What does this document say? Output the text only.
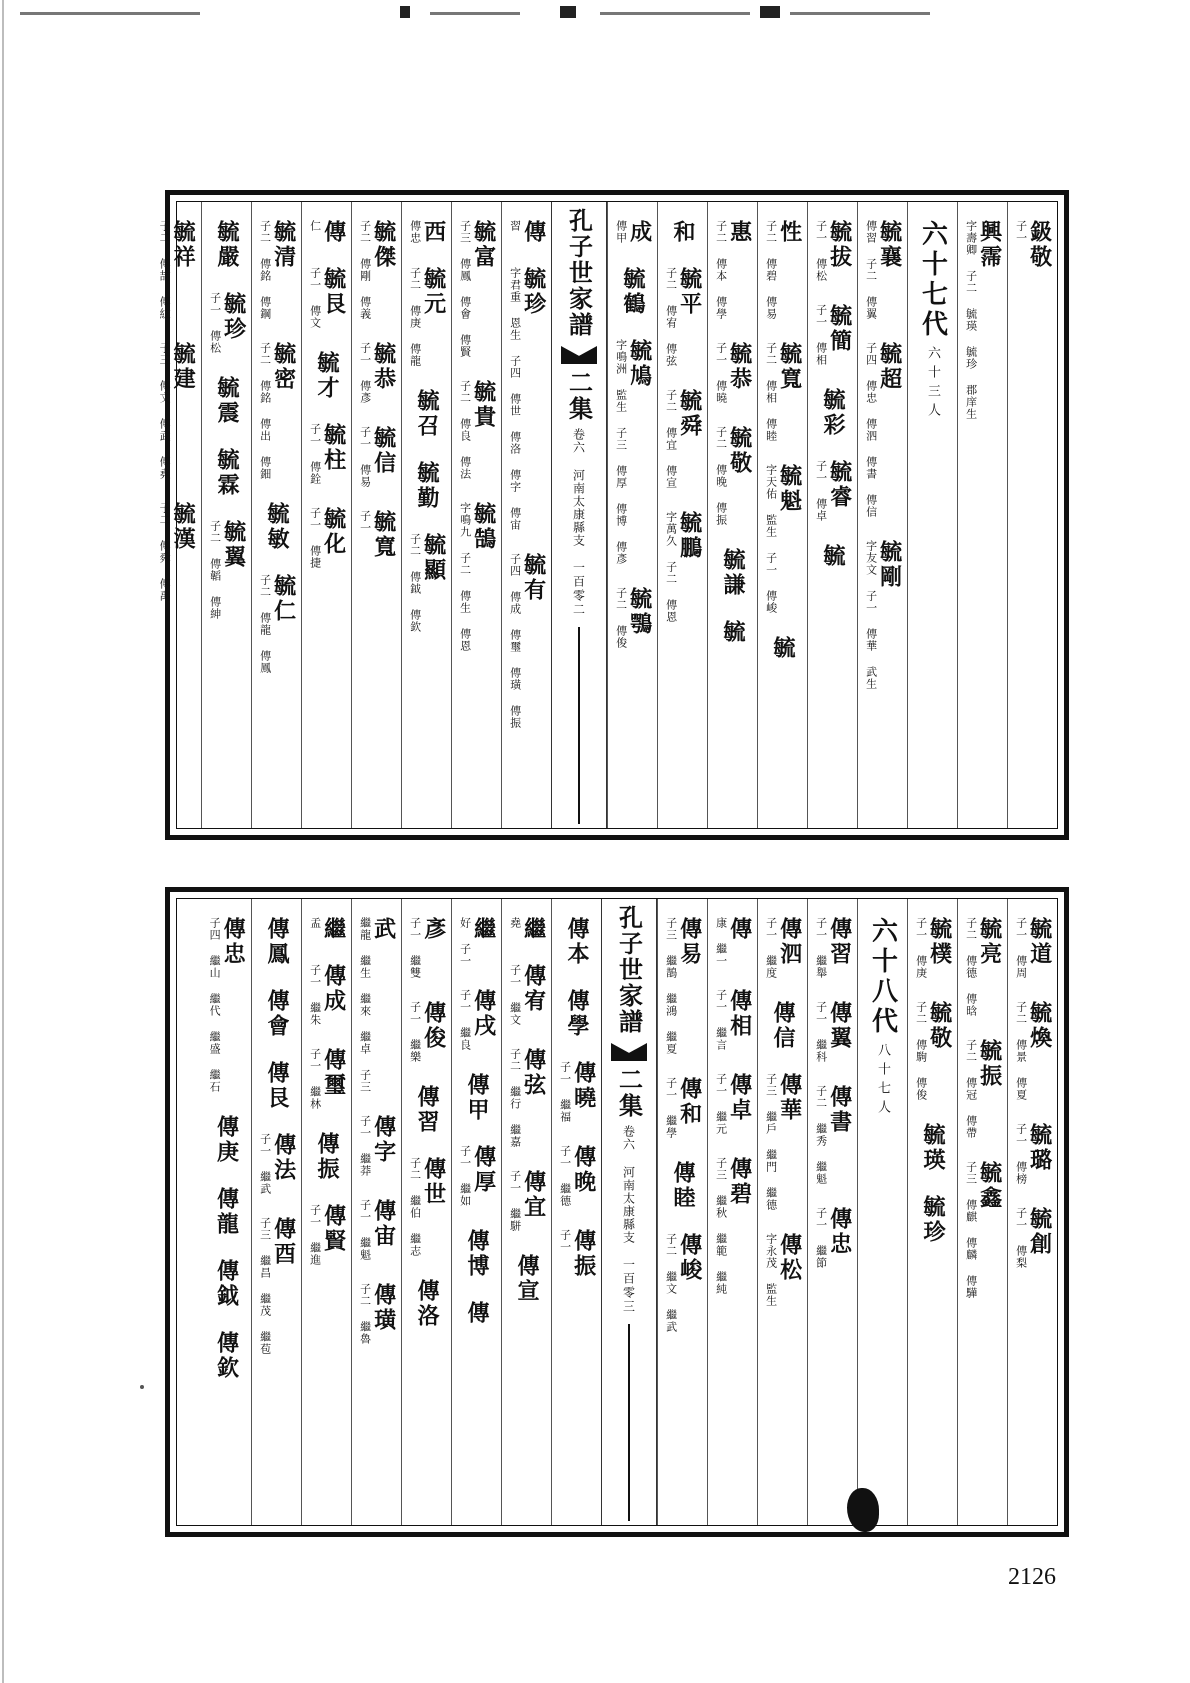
鈒敬
子一
興霈
字壽卿 子二 毓瑛 毓珍 郡庠生
六十七代
六十三人
毓襄
傳習 子二 傳翼
毓超
子四 傳忠 傳泗 傳書 傳信
毓剛
字友文 子一 傳華 武生
毓拔
子一 傳松
毓簡
子一 傳相
毓彩
毓睿
子一 傳卓
毓
性
子二 傳碧 傳易
毓寬
子二 傳相 傳睦
毓魁
字天佑 監生 子一 傳峻
毓
惠
子二 傳本 傳學
毓恭
子一 傳曉
毓敬
子二 傳晚 傳振
毓謙
毓
和
毓平
子二 傳宥 傳弦
毓舜
子二 傳宜 傳宣
毓鵬
字萬久 子二 傳恩
成
傳甲
毓鶴
毓鳩
字鳴洲 監生 子三 傳厚 傳博 傳彥
毓鶚
子二 傳俊
孔子世家譜
二集
卷六 河南太康縣支
一百零二
傳
習
毓珍
字君重 恩生 子四 傳世 傳洛 傳字 傳宙
毓有
子四 傳成 傳璽 傳璜 傳振
毓富
子三 傳鳳 傳會 傳賢
毓貴
子二 傳良 傳法
毓鵠
字鳴九 子二 傳生 傳恩
西
傳忠
毓元
子二 傳庚 傳龍
毓召
毓勤
毓顯
子二 傳鉞 傳欽
毓傑
子二 傳剛 傳義
毓恭
子一 傳彥
毓信
子一 傳易
毓寬
子一
傳
仁
毓艮
子一 傳文
毓才
毓柱
子一 傳銓
毓化
子一 傳捷
毓清
子二 傳銘 傳鋼
毓密
子二 傳銘 傳出 傳鈿
毓敏
毓仁
子二 傳龍 傳鳳
毓嚴
毓珍
子一 傳松
毓震
毓霖
毓翼
子二 傳韜 傳紳
毓祥
子二 傳喆 傳紋
毓建
子三 傳文 傳武 傳堯
毓漢
子二 傳舜 傳禹
毓道
子一 傳周
毓煥
子二 傳景 傳夏
毓璐
子一 傳榜
毓創
子一 傳梨
毓亮
子二 傳德 傳晗
毓振
子二 傳冠 傳帶
毓鑫
子三 傳麒 傳麟 傳驊
毓樸
子一 傳庚
毓敬
子二 傳駒 傳俊
毓瑛
毓珍
六十八代
八十七人
傳習
子一 繼舉
傳翼
子一 繼科
傳書
子二 繼秀 繼魁
傳忠
子一 繼節
傳泗
子一 繼度
傳信
傳華
子三 繼戶 繼門 繼德
傳松
字永茂 監生
傳
康 繼一
傳相
子一 繼言
傳卓
子一 繼元
傳碧
子三 繼秋 繼範 繼純
傳易
子三 繼鵲 繼鴻 繼夏
傳和
子一 繼學
傳睦
傳峻
子二 繼文 繼武
孔子世家譜
二集
卷六 河南太康縣支
一百零三
傳本
傳學
傳曉
子一 繼福
傳晚
子一 繼德
傳振
子一
繼
堯
傳宥
子一 繼文
傳弦
子二 繼行 繼嘉
傳宜
子一 繼駢
傳宣
繼
好 子一
傳戌
子一 繼良
傳甲
傳厚
子一 繼如
傳博
傳
彥
子一 繼雙
傳俊
子一 繼樂
傳習
傳世
子二 繼伯 繼志
傳洛
武
繼龍 繼生 繼來 繼卓 子三
傳字
子一 繼莽
傳宙
子一 繼魁
傳璜
子二 繼魯
繼
孟
傳成
子一 繼朱
傳璽
子一 繼林
傳振
傳賢
子一 繼進
傳鳳
傳會
傳艮
傳法
子一 繼武
傳酉
子三 繼昌 繼茂 繼苞
傳忠
子四 繼山 繼代 繼盛 繼石
傳庚
傳龍
傳鉞
傳欽
2126
